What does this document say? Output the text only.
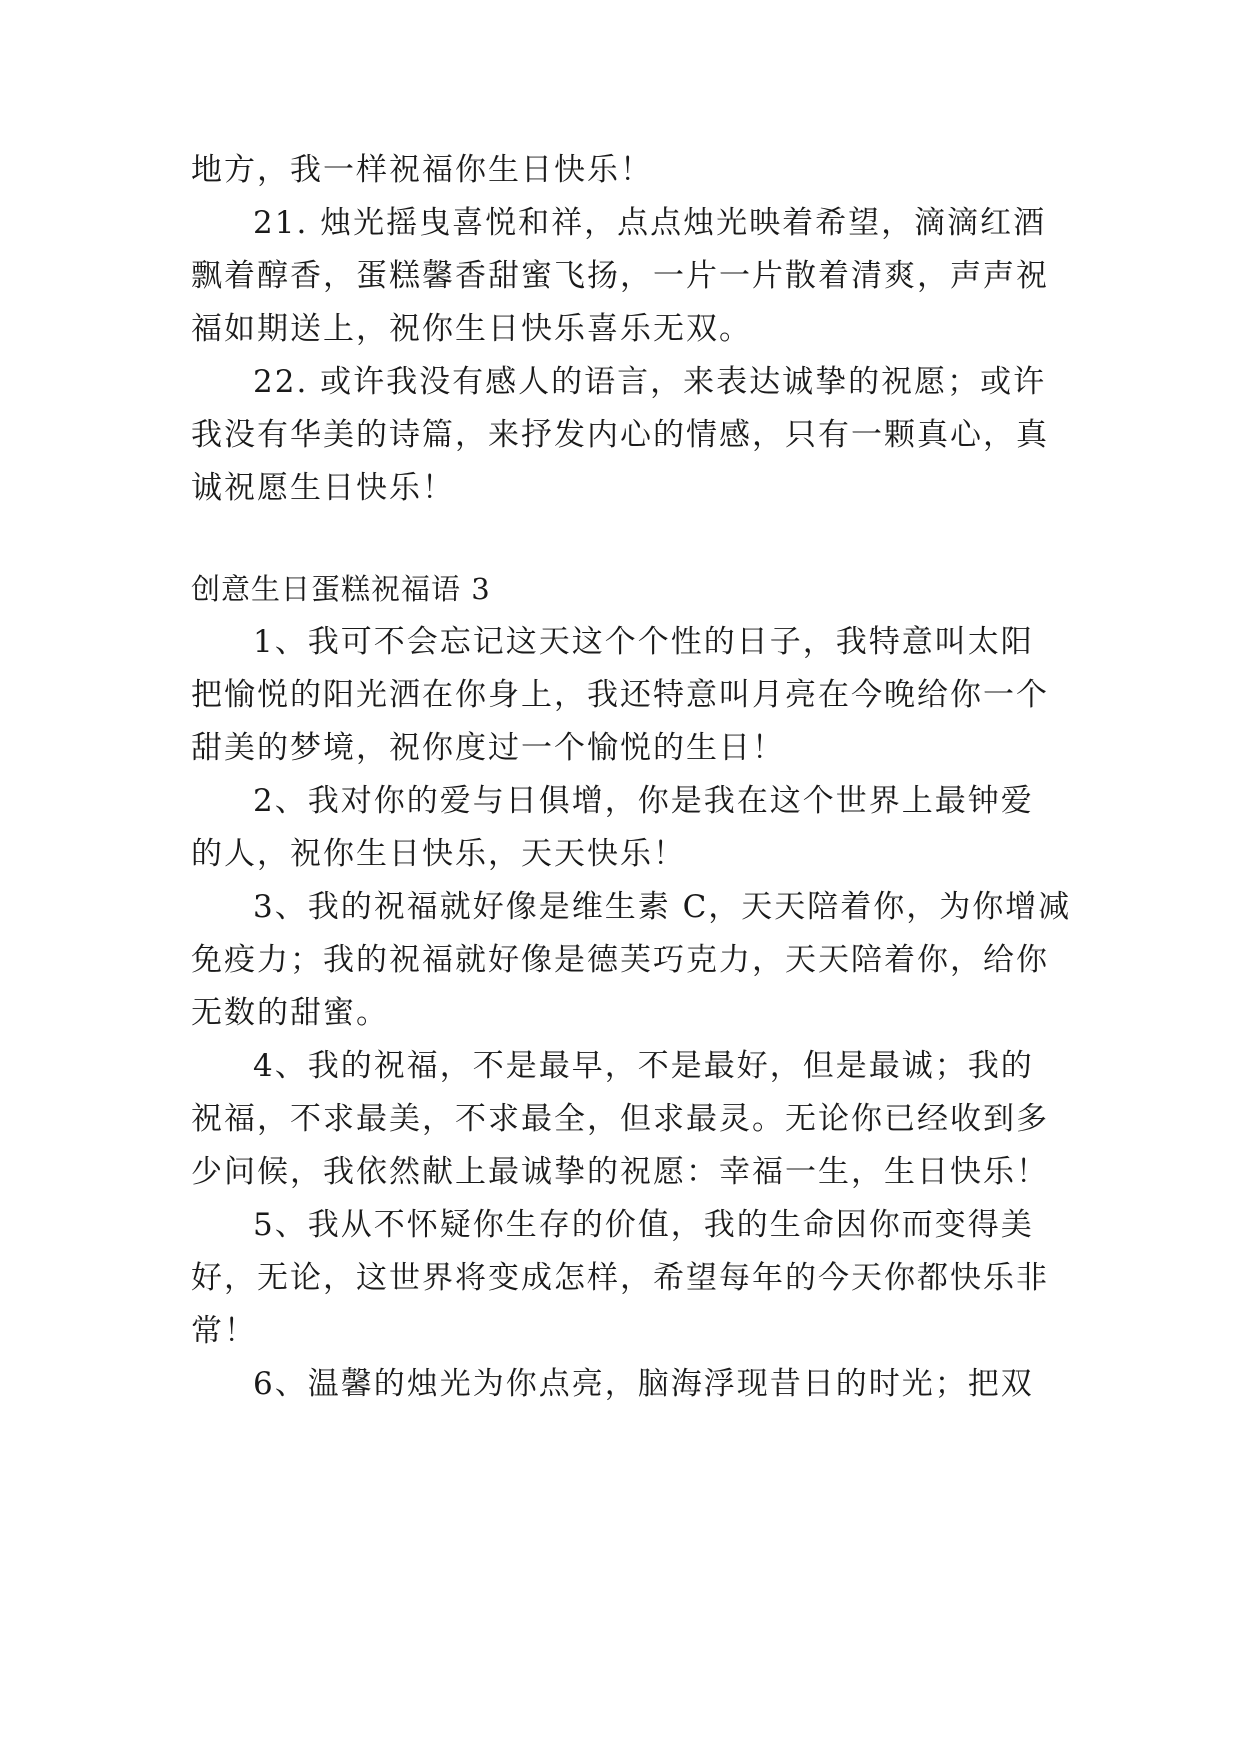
地方，我一样祝福你生日快乐！
21. 烛光摇曳喜悦和祥，点点烛光映着希望，滴滴红酒
飘着醇香，蛋糕馨香甜蜜飞扬，一片一片散着清爽，声声祝
福如期送上，祝你生日快乐喜乐无双。
22. 或许我没有感人的语言，来表达诚挚的祝愿；或许
我没有华美的诗篇，来抒发内心的情感，只有一颗真心，真
诚祝愿生日快乐！
创意生日蛋糕祝福语 3
1、我可不会忘记这天这个个性的日子，我特意叫太阳
把愉悦的阳光洒在你身上，我还特意叫月亮在今晚给你一个
甜美的梦境，祝你度过一个愉悦的生日！
2、我对你的爱与日俱增，你是我在这个世界上最钟爱
的人，祝你生日快乐，天天快乐！
3、我的祝福就好像是维生素 C，天天陪着你，为你增减
免疫力；我的祝福就好像是德芙巧克力，天天陪着你，给你
无数的甜蜜。
4、我的祝福，不是最早，不是最好，但是最诚；我的
祝福，不求最美，不求最全，但求最灵。无论你已经收到多
少问候，我依然献上最诚挚的祝愿：幸福一生，生日快乐！
5、我从不怀疑你生存的价值，我的生命因你而变得美
好，无论，这世界将变成怎样，希望每年的今天你都快乐非
常！
6、温馨的烛光为你点亮，脑海浮现昔日的时光；把双
